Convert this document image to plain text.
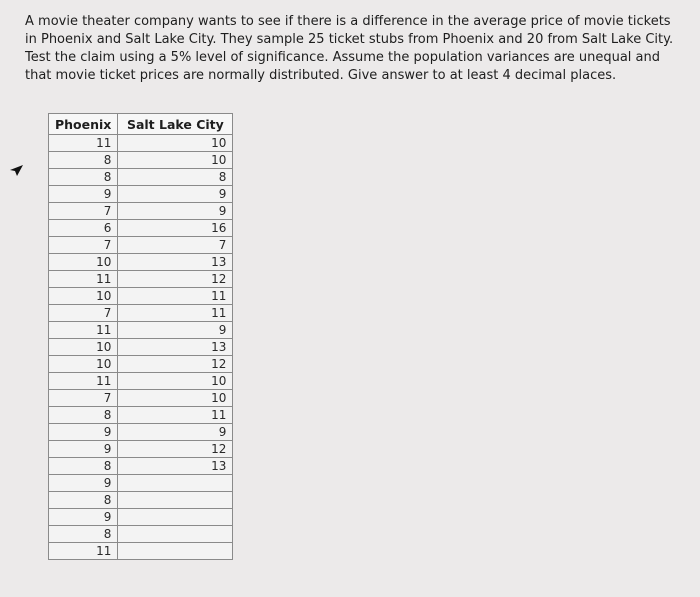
A movie theater company wants to see if there is a difference in the average price of movie tickets in Phoenix and Salt Lake City. They sample 25 ticket stubs from Phoenix and 20 from Salt Lake City. Test the claim using a 5% level of significance. Assume the population variances are unequal and that movie ticket prices are normally distributed. Give answer to at least 4 decimal places.

Phoenix	Salt Lake City
11	10
8	10
8	8
9	9
7	9
6	16
7	7
10	13
11	12
10	11
7	11
11	9
10	13
10	12
11	10
7	10
8	11
9	9
9	12
8	13
9	
8	
9	
8	
11	
